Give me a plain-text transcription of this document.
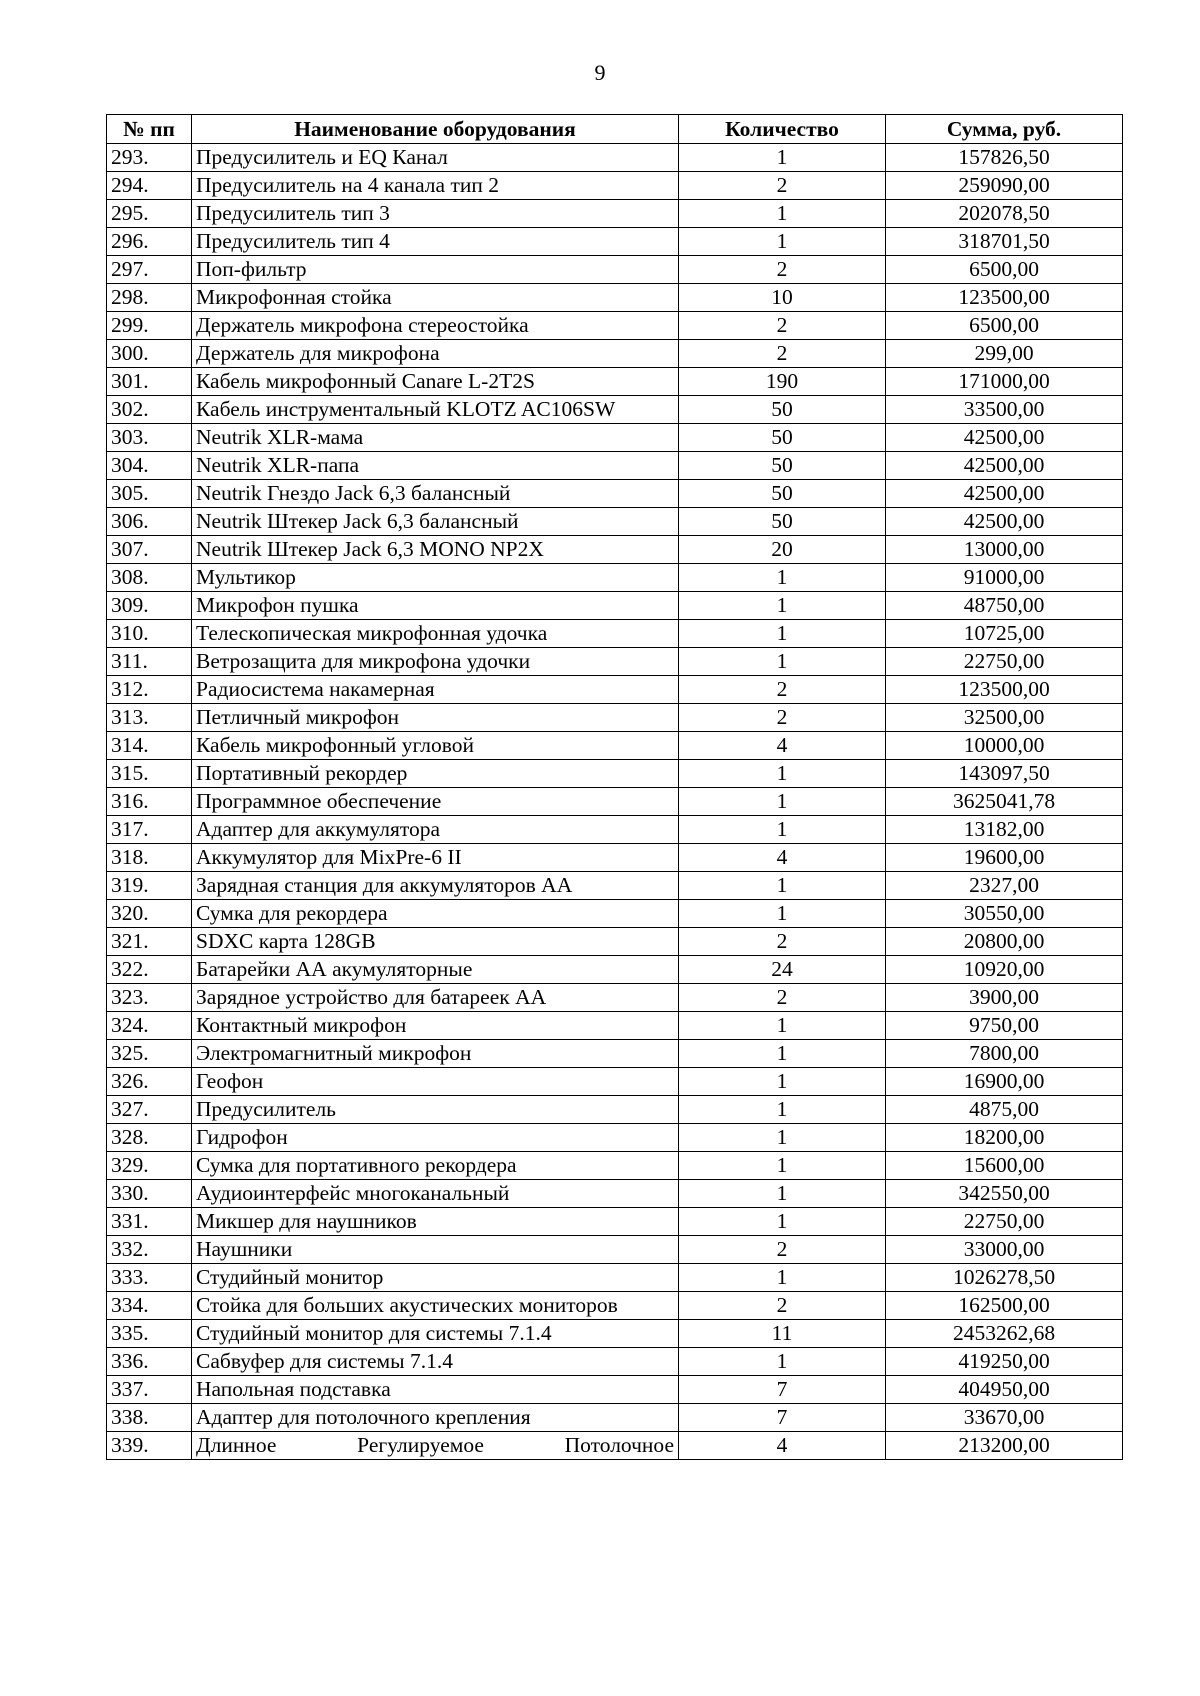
9
№ пп	Наименование оборудования	Количество	Сумма, руб.
293.	Предусилитель и EQ Канал	1	157826,50
294.	Предусилитель на 4 канала тип 2	2	259090,00
295.	Предусилитель тип 3	1	202078,50
296.	Предусилитель тип 4	1	318701,50
297.	Поп-фильтр	2	6500,00
298.	Микрофонная стойка	10	123500,00
299.	Держатель микрофона стереостойка	2	6500,00
300.	Держатель для микрофона	2	299,00
301.	Кабель микрофонный Canare L-2T2S	190	171000,00
302.	Кабель инструментальный KLOTZ AC106SW	50	33500,00
303.	Neutrik XLR-мама	50	42500,00
304.	Neutrik XLR-папа	50	42500,00
305.	Neutrik Гнездо Jack 6,3 балансный	50	42500,00
306.	Neutrik Штекер Jack 6,3 балансный	50	42500,00
307.	Neutrik Штекер Jack 6,3 MONO NP2X	20	13000,00
308.	Мультикор	1	91000,00
309.	Микрофон пушка	1	48750,00
310.	Телескопическая микрофонная удочка	1	10725,00
311.	Ветрозащита для микрофона удочки	1	22750,00
312.	Радиосистема накамерная	2	123500,00
313.	Петличный микрофон	2	32500,00
314.	Кабель микрофонный угловой	4	10000,00
315.	Портативный рекордер	1	143097,50
316.	Программное обеспечение	1	3625041,78
317.	Адаптер для аккумулятора	1	13182,00
318.	Аккумулятор для MixPre-6 II	4	19600,00
319.	Зарядная станция для аккумуляторов АА	1	2327,00
320.	Сумка для рекордера	1	30550,00
321.	SDXC карта 128GB	2	20800,00
322.	Батарейки АА акумуляторные	24	10920,00
323.	Зарядное устройство для батареек АА	2	3900,00
324.	Контактный микрофон	1	9750,00
325.	Электромагнитный микрофон	1	7800,00
326.	Геофон	1	16900,00
327.	Предусилитель	1	4875,00
328.	Гидрофон	1	18200,00
329.	Сумка для портативного рекордера	1	15600,00
330.	Аудиоинтерфейс многоканальный	1	342550,00
331.	Микшер для наушников	1	22750,00
332.	Наушники	2	33000,00
333.	Студийный монитор	1	1026278,50
334.	Стойка для больших акустических мониторов	2	162500,00
335.	Студийный монитор для системы 7.1.4	11	2453262,68
336.	Сабвуфер для системы 7.1.4	1	419250,00
337.	Напольная подставка	7	404950,00
338.	Адаптер для потолочного крепления	7	33670,00
339.	Длинное Регулируемое Потолочное	4	213200,00
